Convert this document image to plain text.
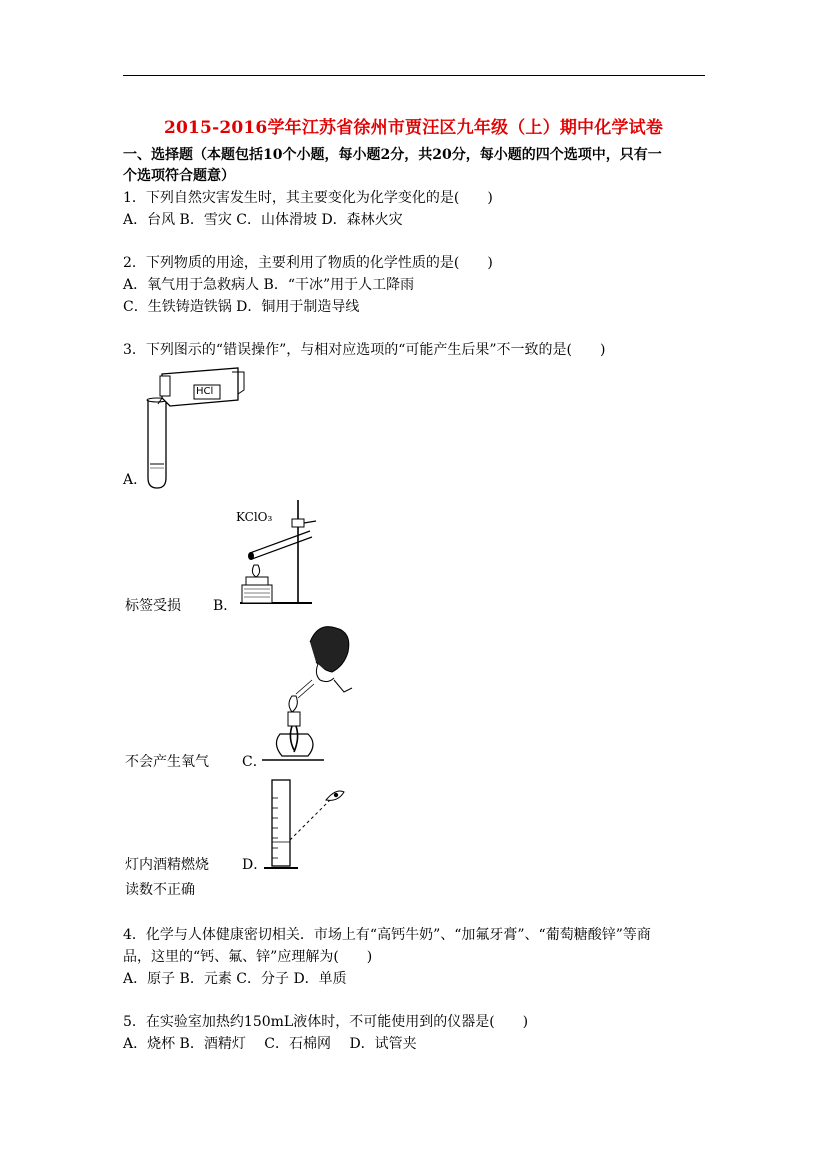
2015-2016学年江苏省徐州市贾汪区九年级（上）期中化学试卷
一、选择题（本题包括10个小题，每小题2分，共20分，每小题的四个选项中，只有一
个选项符合题意）
1．下列自然灾害发生时，其主要变化为化学变化的是(　　)
A．台风 B．雪灾 C．山体滑坡 D．森林火灾
2．下列物质的用途，主要利用了物质的化学性质的是(　　)
A．氧气用于急救病人 B．“干冰”用于人工降雨
C．生铁铸造铁锅 D．铜用于制造导线
3．下列图示的“错误操作”，与相对应选项的“可能产生后果”不一致的是(　　)
HCl
A．
KClO₃
标签受损 B．
不会产生氧气 C．
灯内酒精燃烧 D．
读数不正确
4．化学与人体健康密切相关．市场上有“高钙牛奶”、“加氟牙膏”、“葡萄糖酸锌”等商
品，这里的“钙、氟、锌”应理解为(　　)
A．原子 B．元素 C．分子 D．单质
5．在实验室加热约150mL液体时，不可能使用到的仪器是(　　)
A．烧杯 B．酒精灯　 C．石棉网　 D．试管夹
